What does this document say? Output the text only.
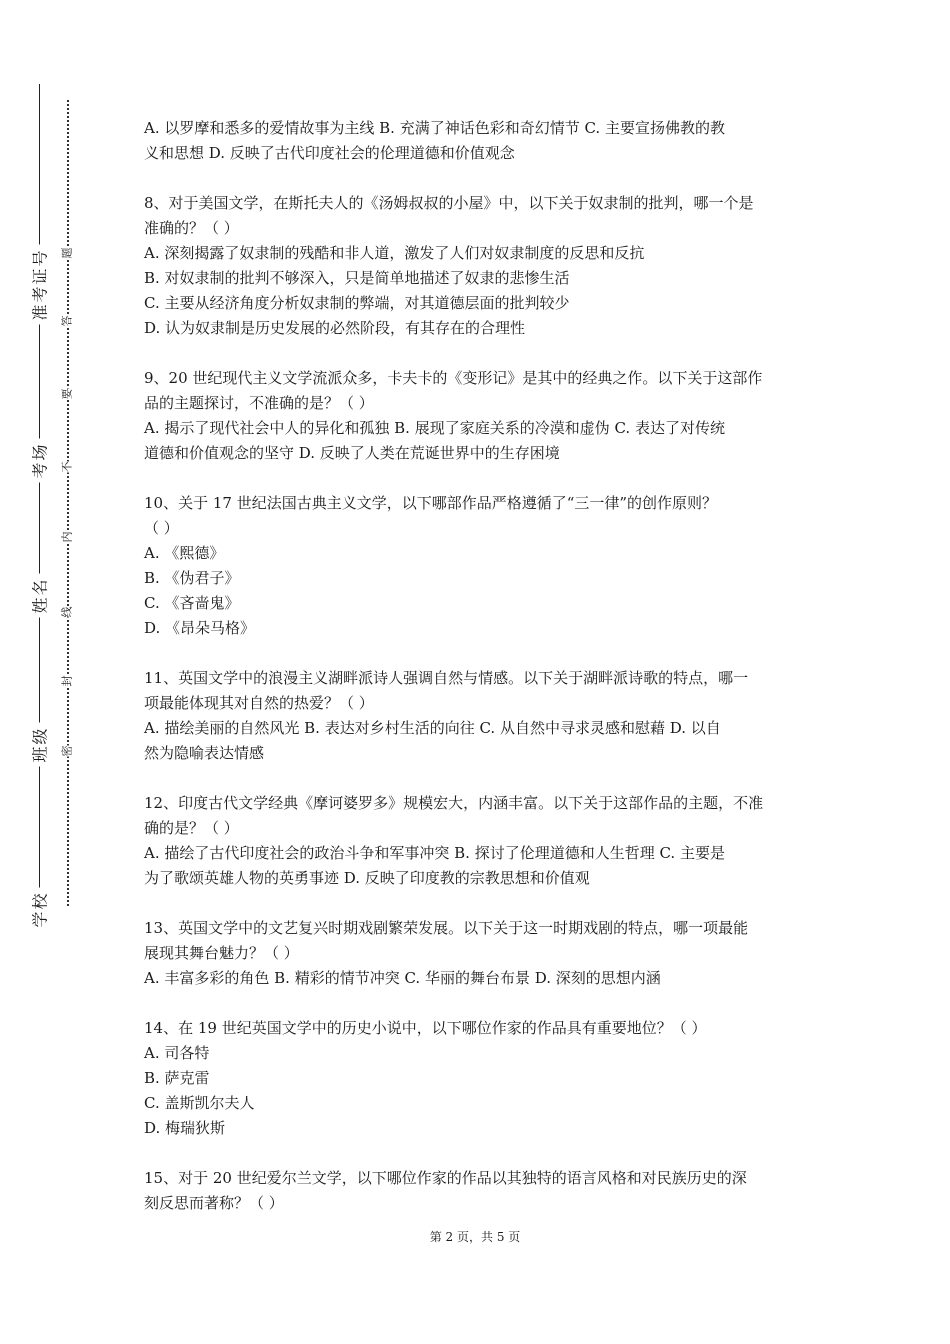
准考证号
考场
姓名
班级
学校
题
答
要
不
内
线
封
密

A. 以罗摩和悉多的爱情故事为主线 B. 充满了神话色彩和奇幻情节 C. 主要宣扬佛教的教

义和思想 D. 反映了古代印度社会的伦理道德和价值观念

8、对于美国文学，在斯托夫人的《汤姆叔叔的小屋》中，以下关于奴隶制的批判，哪一个是

准确的？（ ）

A. 深刻揭露了奴隶制的残酷和非人道，激发了人们对奴隶制度的反思和反抗

B. 对奴隶制的批判不够深入，只是简单地描述了奴隶的悲惨生活

C. 主要从经济角度分析奴隶制的弊端，对其道德层面的批判较少

D. 认为奴隶制是历史发展的必然阶段，有其存在的合理性

9、20 世纪现代主义文学流派众多，卡夫卡的《变形记》是其中的经典之作。以下关于这部作

品的主题探讨，不准确的是？（ ）

A. 揭示了现代社会中人的异化和孤独 B. 展现了家庭关系的冷漠和虚伪 C. 表达了对传统

道德和价值观念的坚守 D. 反映了人类在荒诞世界中的生存困境

10、关于 17 世纪法国古典主义文学，以下哪部作品严格遵循了“三一律”的创作原则？

（ ）

A. 《熙德》

B. 《伪君子》

C. 《吝啬鬼》

D. 《昂朵马格》

11、英国文学中的浪漫主义湖畔派诗人强调自然与情感。以下关于湖畔派诗歌的特点，哪一

项最能体现其对自然的热爱？（ ）

A. 描绘美丽的自然风光 B. 表达对乡村生活的向往 C. 从自然中寻求灵感和慰藉 D. 以自

然为隐喻表达情感

12、印度古代文学经典《摩诃婆罗多》规模宏大，内涵丰富。以下关于这部作品的主题，不准

确的是？（ ）

A. 描绘了古代印度社会的政治斗争和军事冲突 B. 探讨了伦理道德和人生哲理 C. 主要是

为了歌颂英雄人物的英勇事迹 D. 反映了印度教的宗教思想和价值观

13、英国文学中的文艺复兴时期戏剧繁荣发展。以下关于这一时期戏剧的特点，哪一项最能

展现其舞台魅力？（ ）

A. 丰富多彩的角色 B. 精彩的情节冲突 C. 华丽的舞台布景 D. 深刻的思想内涵

14、在 19 世纪英国文学中的历史小说中，以下哪位作家的作品具有重要地位？（ ）

A. 司各特

B. 萨克雷

C. 盖斯凯尔夫人

D. 梅瑞狄斯

15、对于 20 世纪爱尔兰文学，以下哪位作家的作品以其独特的语言风格和对民族历史的深

刻反思而著称？（ ）

第 2 页，共 5 页
